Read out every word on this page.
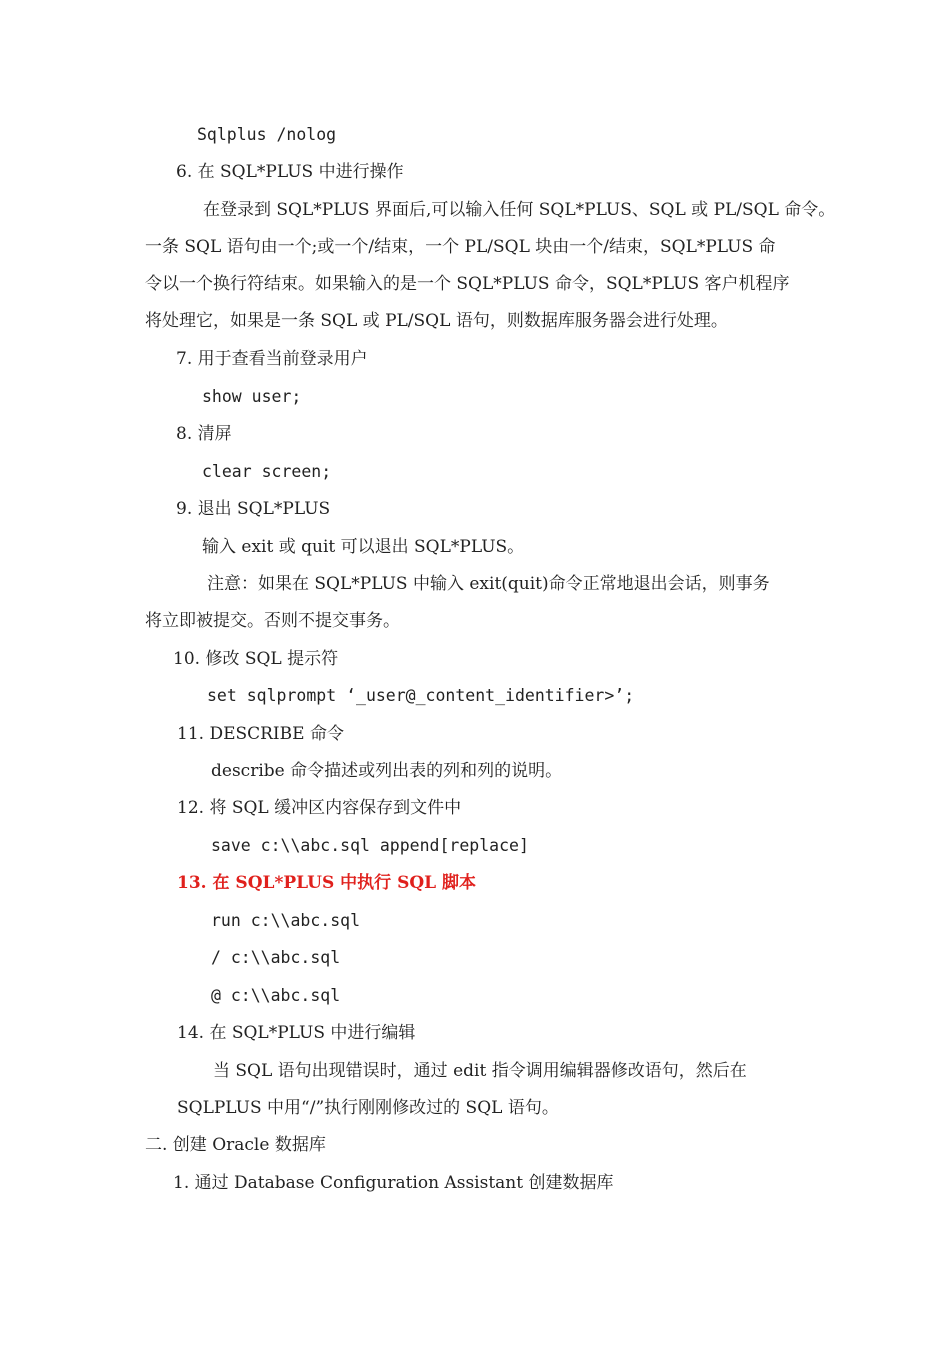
Sqlplus /nolog
6. 在 SQL*PLUS 中进行操作
在登录到 SQL*PLUS 界面后,可以输入任何 SQL*PLUS、SQL 或 PL/SQL 命令。
一条 SQL 语句由一个;或一个/结束，一个 PL/SQL 块由一个/结束，SQL*PLUS 命
令以一个换行符结束。如果输入的是一个 SQL*PLUS 命令，SQL*PLUS 客户机程序
将处理它，如果是一条 SQL 或 PL/SQL 语句，则数据库服务器会进行处理。
7. 用于查看当前登录用户
show user;
8. 清屏
clear screen;
9. 退出 SQL*PLUS
输入 exit 或 quit 可以退出 SQL*PLUS。
注意：如果在 SQL*PLUS 中输入 exit(quit)命令正常地退出会话，则事务
将立即被提交。否则不提交事务。
10. 修改 SQL 提示符
set sqlprompt ‘_user@_content_identifier>’;
11. DESCRIBE 命令
describe 命令描述或列出表的列和列的说明。
12. 将 SQL 缓冲区内容保存到文件中
save c:\\abc.sql append[replace]
13. 在 SQL*PLUS 中执行 SQL 脚本
run c:\\abc.sql
/ c:\\abc.sql
@ c:\\abc.sql
14. 在 SQL*PLUS 中进行编辑
当 SQL 语句出现错误时，通过 edit 指令调用编辑器修改语句，然后在
SQLPLUS 中用“/”执行刚刚修改过的 SQL 语句。
二. 创建 Oracle 数据库
1. 通过 Database Configuration Assistant 创建数据库
